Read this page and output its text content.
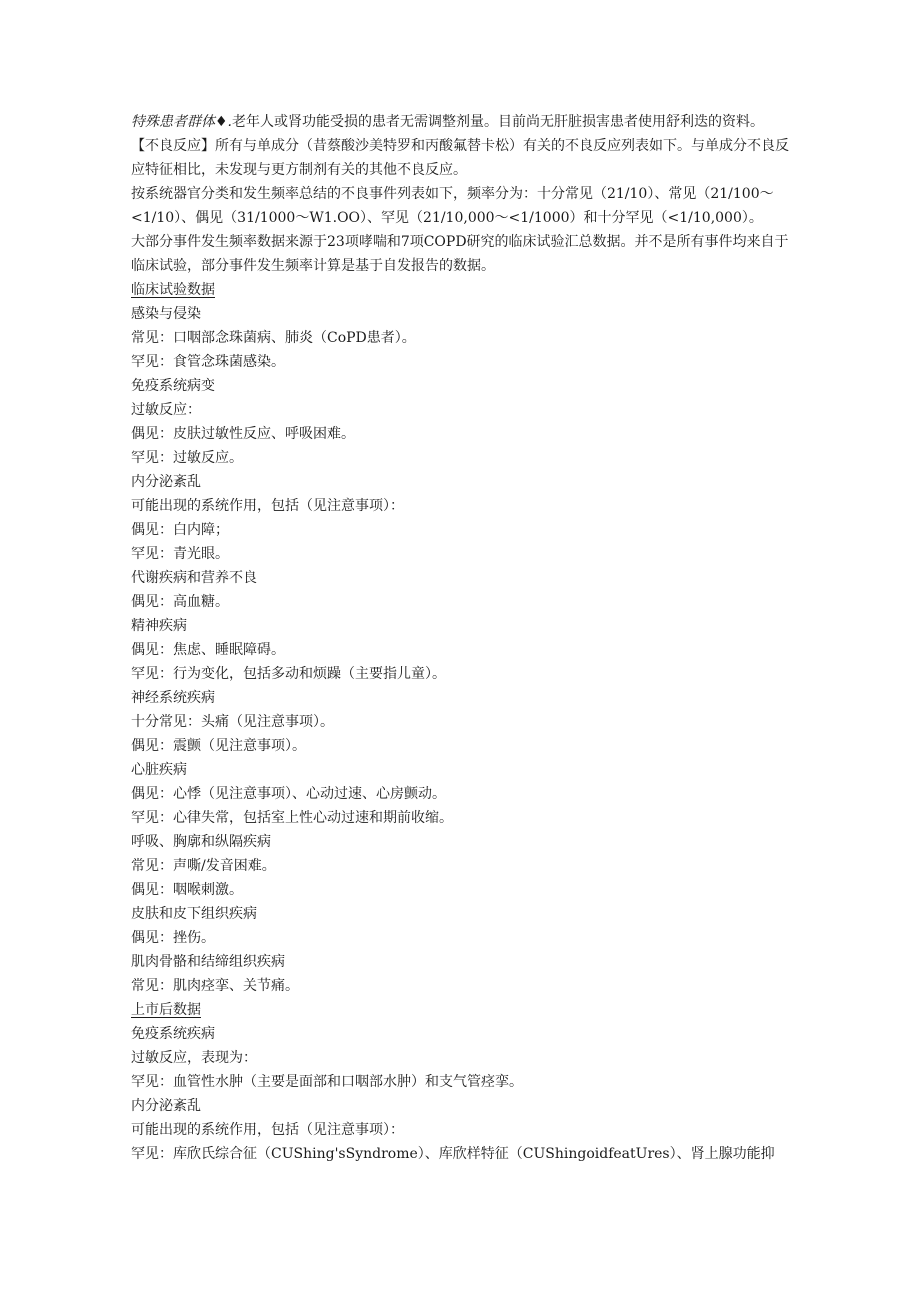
特殊患者群体♦.老年人或肾功能受损的患者无需调整剂量。目前尚无肝脏损害患者使用舒利迭的资料。
【不良反应】所有与单成分（昔蔡酸沙美特罗和丙酸氟替卡松）有关的不良反应列表如下。与单成分不良反应特征相比，未发现与更方制剂有关的其他不良反应。
按系统器官分类和发生频率总结的不良事件列表如下，频率分为：十分常见（21/10）、常见（21/100～<1/10）、偶见（31/1000～W1.OO）、罕见（21/10,000～<1/1000）和十分罕见（<1/10,000）。
大部分事件发生频率数据来源于23项哮喘和7项COPD研究的临床试验汇总数据。并不是所有事件均来自于临床试验，部分事件发生频率计算是基于自发报告的数据。
临床试验数据
感染与侵染
常见：口咽部念珠菌病、肺炎（CoPD患者）。
罕见：食管念珠菌感染。
免疫系统病变
过敏反应：
偶见：皮肤过敏性反应、呼吸困难。
罕见：过敏反应。
内分泌紊乱
可能出现的系统作用，包括（见注意事项）：
偶见：白内障；
罕见：青光眼。
代谢疾病和营养不良
偶见：高血糖。
精神疾病
偶见：焦虑、睡眠障碍。
罕见：行为变化，包括多动和烦躁（主要指儿童）。
神经系统疾病
十分常见：头痛（见注意事项）。
偶见：震颤（见注意事项）。
心脏疾病
偶见：心悸（见注意事项）、心动过速、心房颤动。
罕见：心律失常，包括室上性心动过速和期前收缩。
呼吸、胸廓和纵隔疾病
常见：声嘶/发音困难。
偶见：咽喉刺激。
皮肤和皮下组织疾病
偶见：挫伤。
肌肉骨骼和结缔组织疾病
常见：肌肉痉挛、关节痛。
上市后数据
免疫系统疾病
过敏反应，表现为：
罕见：血管性水肿（主要是面部和口咽部水肿）和支气管痉挛。
内分泌紊乱
可能出现的系统作用，包括（见注意事项）：
罕见：库欣氏综合征（CUShing'sSyndrome）、库欣样特征（CUShingoidfeatUres）、肾上腺功能抑
